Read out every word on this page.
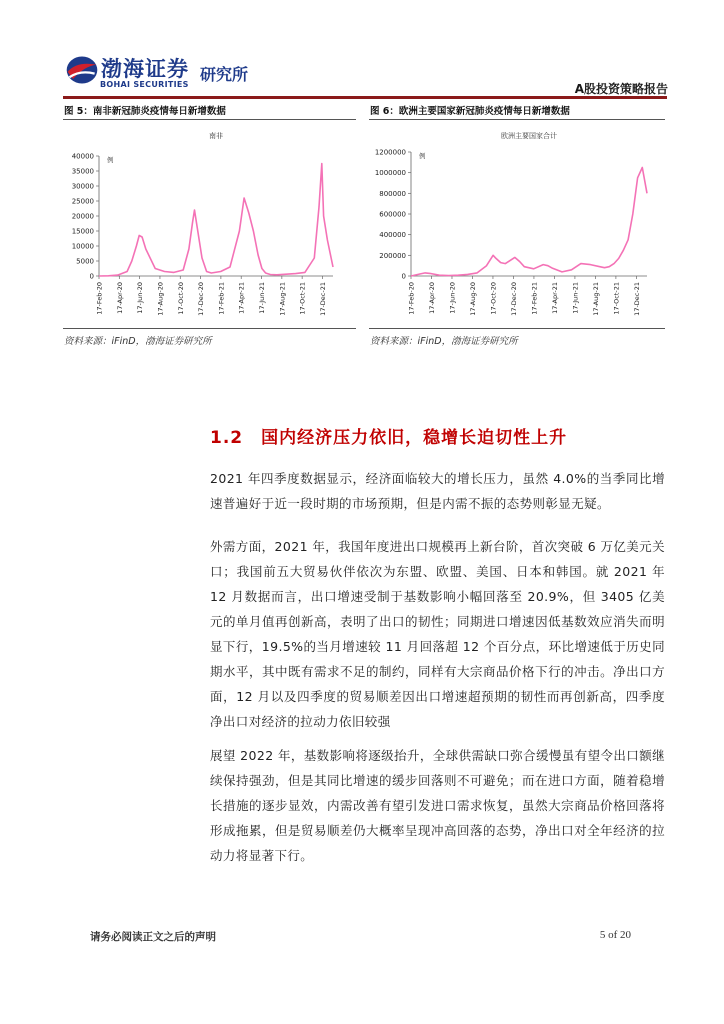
渤海证券
BOHAI SECURITIES
研究所
A股投资策略报告
图 5：南非新冠肺炎疫情每日新增数据
南非
例
40000
35000
30000
25000
20000
15000
10000
5000
0
17-Feb-20 17-Apr-20 17-Jun-20 17-Aug-20 17-Oct-20 17-Dec-20 17-Feb-21 17-Apr-21 17-Jun-21 17-Aug-21 17-Oct-21 17-Dec-21
资料来源：iFinD，渤海证券研究所
图 6：欧洲主要国家新冠肺炎疫情每日新增数据
欧洲主要国家合计
例
1200000
1000000
800000
600000
400000
200000
0
17-Feb-20 17-Apr-20 17-Jun-20 17-Aug-20 17-Oct-20 17-Dec-20 17-Feb-21 17-Apr-21 17-Jun-21 17-Aug-21 17-Oct-21 17-Dec-21
资料来源：iFinD，渤海证券研究所
1.2 国内经济压力依旧，稳增长迫切性上升
2021 年四季度数据显示，经济面临较大的增长压力，虽然 4.0%的当季同比增速普遍好于近一段时期的市场预期，但是内需不振的态势则彰显无疑。
外需方面，2021 年，我国年度进出口规模再上新台阶，首次突破 6 万亿美元关口；我国前五大贸易伙伴依次为东盟、欧盟、美国、日本和韩国。就 2021 年 12 月数据而言，出口增速受制于基数影响小幅回落至 20.9%，但 3405 亿美元的单月值再创新高，表明了出口的韧性；同期进口增速因低基数效应消失而明显下行，19.5%的当月增速较 11 月回落超 12 个百分点，环比增速低于历史同期水平，其中既有需求不足的制约，同样有大宗商品价格下行的冲击。净出口方面，12 月以及四季度的贸易顺差因出口增速超预期的韧性而再创新高，四季度净出口对经济的拉动力依旧较强
展望 2022 年，基数影响将逐级抬升，全球供需缺口弥合缓慢虽有望令出口额继续保持强劲，但是其同比增速的缓步回落则不可避免；而在进口方面，随着稳增长措施的逐步显效，内需改善有望引发进口需求恢复，虽然大宗商品价格回落将形成拖累，但是贸易顺差仍大概率呈现冲高回落的态势，净出口对全年经济的拉动力将显著下行。
请务必阅读正文之后的声明	5 of 20
